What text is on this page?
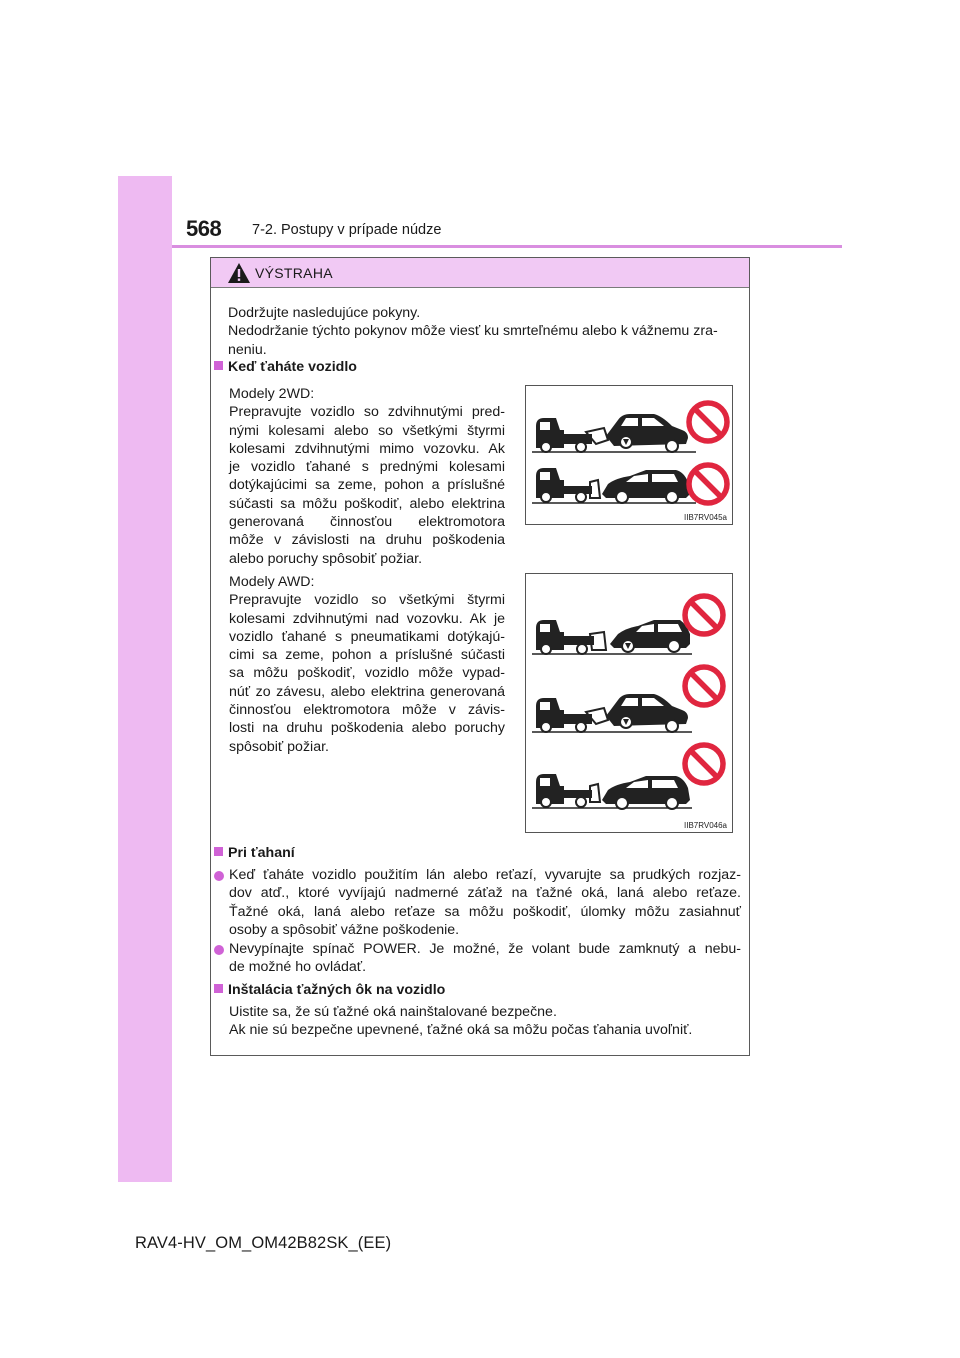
568 7-2. Postupy v prípade núdze
VÝSTRAHA
Dodržujte nasledujúce pokyny.
Nedodržanie týchto pokynov môže viesť ku smrteľnému alebo k vážnemu zra-
neniu.
Keď ťaháte vozidlo
Modely 2WD:
Prepravujte vozidlo so zdvihnutými pred-
nými kolesami alebo so všetkými štyrmi
kolesami zdvihnutými mimo vozovku. Ak
je vozidlo ťahané s prednými kolesami
dotýkajúcimi sa zeme, pohon a príslušné
súčasti sa môžu poškodiť, alebo elektrina
generovaná činnosťou elektromotora
môže v závislosti na druhu poškodenia
alebo poruchy spôsobiť požiar.
IIB7RV045a
Modely AWD:
Prepravujte vozidlo so všetkými štyrmi
kolesami zdvihnutými nad vozovku. Ak je
vozidlo ťahané s pneumatikami dotýkajú-
cimi sa zeme, pohon a príslušné súčasti
sa môžu poškodiť, vozidlo môže vypad-
núť zo závesu, alebo elektrina generovaná
činnosťou elektromotora môže v závis-
losti na druhu poškodenia alebo poruchy
spôsobiť požiar.
IIB7RV046a
Pri ťahaní
Keď ťaháte vozidlo použitím lán alebo reťazí, vyvarujte sa prudkých rozjaz-
dov atď., ktoré vyvíjajú nadmerné záťaž na ťažné oká, laná alebo reťaze.
Ťažné oká, laná alebo reťaze sa môžu poškodiť, úlomky môžu zasiahnuť
osoby a spôsobiť vážne poškodenie.
Nevypínajte spínač POWER. Je možné, že volant bude zamknutý a nebu-
de možné ho ovládať.
Inštalácia ťažných ôk na vozidlo
Uistite sa, že sú ťažné oká nainštalované bezpečne.
Ak nie sú bezpečne upevnené, ťažné oká sa môžu počas ťahania uvoľniť.
RAV4-HV_OM_OM42B82SK_(EE)
